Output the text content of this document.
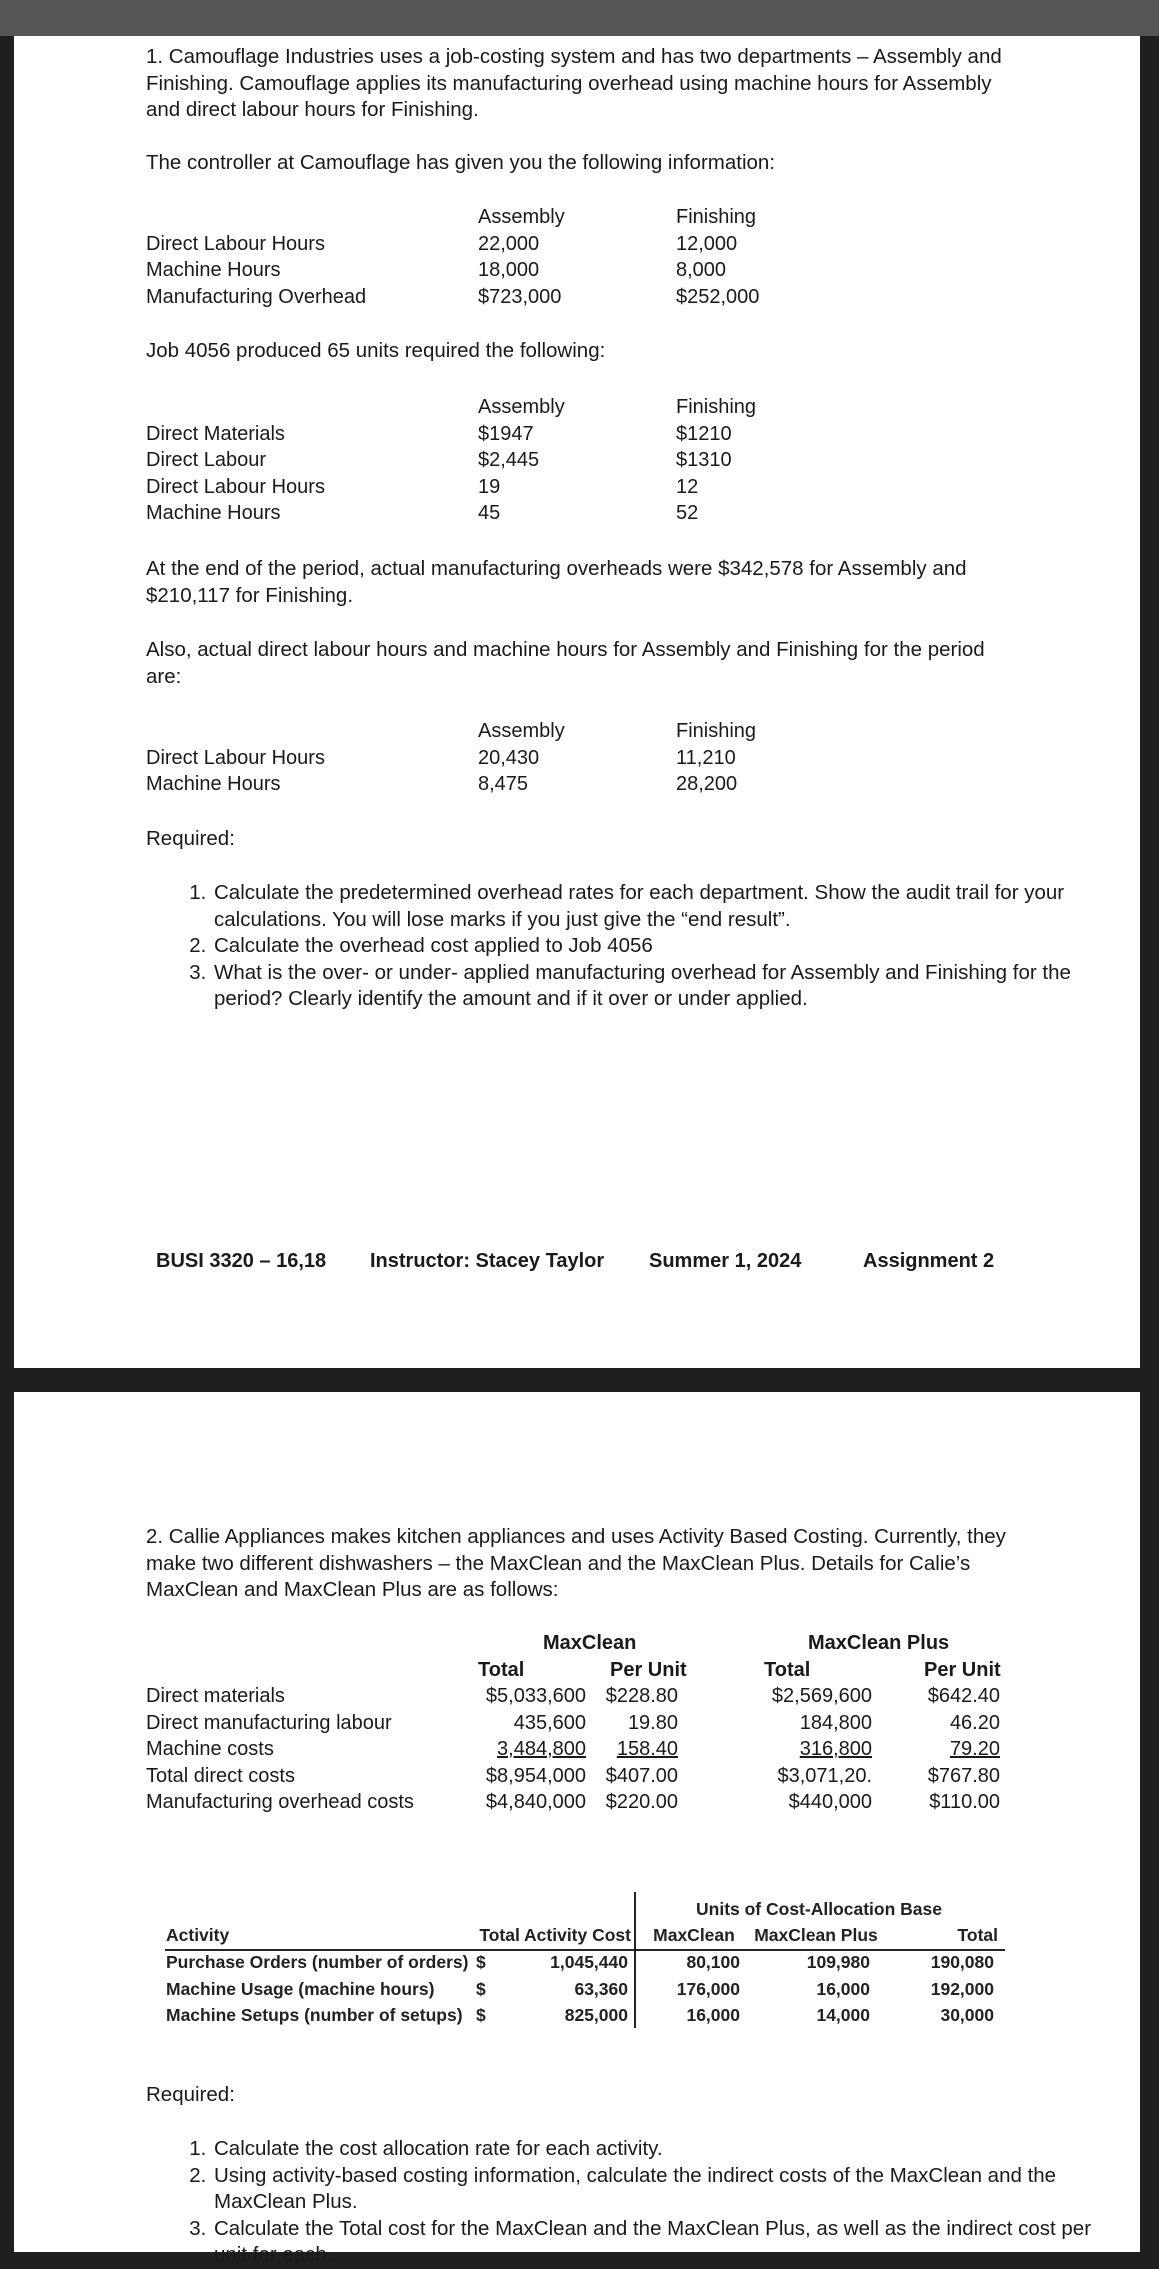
1. Camouflage Industries uses a job-costing system and has two departments – Assembly and Finishing. Camouflage applies its manufacturing overhead using machine hours for Assembly and direct labour hours for Finishing.
The controller at Camouflage has given you the following information:
Assembly	Finishing
Direct Labour Hours	22,000	12,000
Machine Hours	18,000	8,000
Manufacturing Overhead	$723,000	$252,000
Job 4056 produced 65 units required the following:
Assembly	Finishing
Direct Materials	$1947	$1210
Direct Labour	$2,445	$1310
Direct Labour Hours	19	12
Machine Hours	45	52
At the end of the period, actual manufacturing overheads were $342,578 for Assembly and $210,117 for Finishing.
Also, actual direct labour hours and machine hours for Assembly and Finishing for the period are:
Assembly	Finishing
Direct Labour Hours	20,430	11,210
Machine Hours	8,475	28,200
Required:
1. Calculate the predetermined overhead rates for each department. Show the audit trail for your calculations. You will lose marks if you just give the “end result”.
2. Calculate the overhead cost applied to Job 4056
3. What is the over- or under- applied manufacturing overhead for Assembly and Finishing for the period? Clearly identify the amount and if it over or under applied.
BUSI 3320 – 16,18 Instructor: Stacey Taylor Summer 1, 2024	Assignment 2
2. Callie Appliances makes kitchen appliances and uses Activity Based Costing. Currently, they make two different dishwashers – the MaxClean and the MaxClean Plus. Details for Calie’s MaxClean and MaxClean Plus are as follows:
MaxClean	MaxClean Plus
Total	Per Unit	Total	Per Unit
Direct materials	$5,033,600 $228.80	$2,569,600	$642.40
Direct manufacturing labour	435,600	19.80	184,800	46.20
Machine costs	3,484,800	158.40	316,800	79.20
Total direct costs	$8,954,000 $407.00	$3,071,20.	$767.80
Manufacturing overhead costs	$4,840,000 $220.00	$440,000	$110.00
Units of Cost-Allocation Base
Activity	Total Activity Cost	MaxClean	MaxClean Plus	Total
Purchase Orders (number of orders) $	1,045,440	80,100	109,980	190,080
Machine Usage (machine hours) $	63,360	176,000	16,000	192,000
Machine Setups (number of setups) $	825,000	16,000	14,000	30,000
Required:
1. Calculate the cost allocation rate for each activity.
2. Using activity-based costing information, calculate the indirect costs of the MaxClean and the MaxClean Plus.
3. Calculate the Total cost for the MaxClean and the MaxClean Plus, as well as the indirect cost per unit for each.
